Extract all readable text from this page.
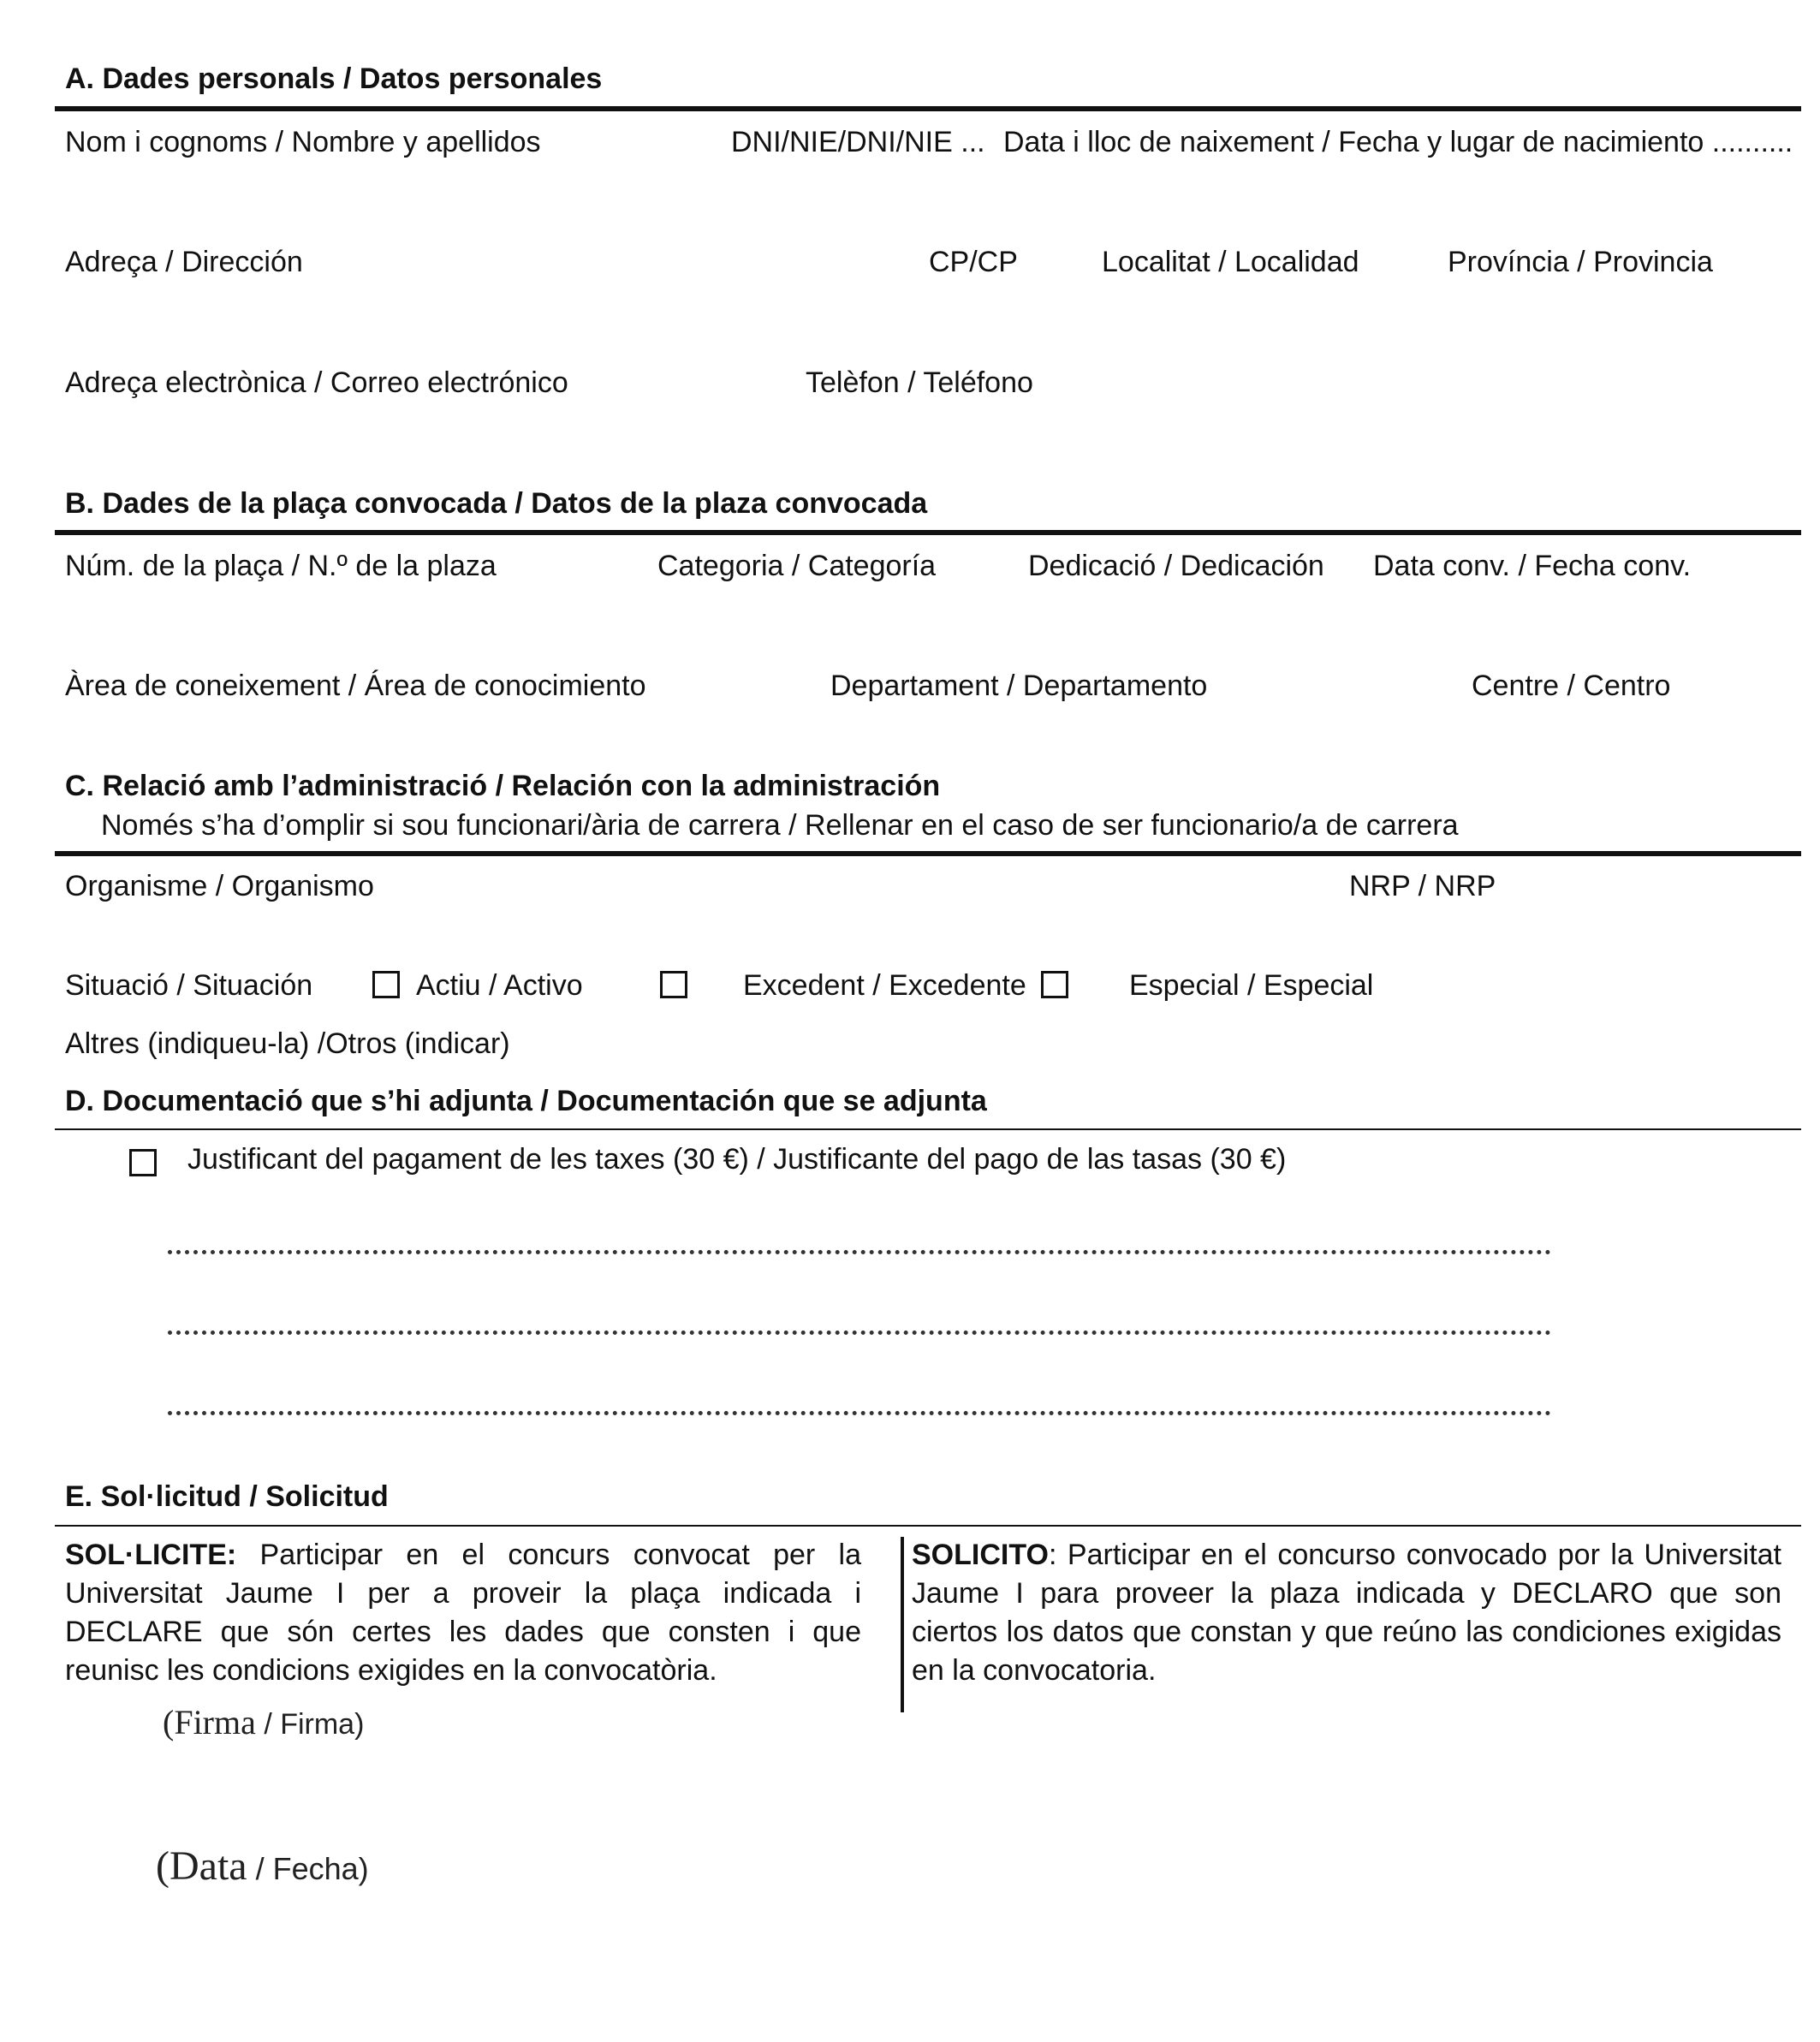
A. Dades personals / Datos personales
Nom i cognoms / Nombre y apellidos	DNI/NIE/DNI/NIE ... Data i lloc de naixement / Fecha y lugar de nacimiento ..........
Adreça / Dirección	CP/CP	Localitat / Localidad	Província / Provincia
Adreça electrònica / Correo electrónico	Telèfon / Teléfono
B. Dades de la plaça convocada / Datos de la plaza convocada
Núm. de la plaça / N.º de la plaza	Categoria / Categoría	Dedicació / Dedicación Data conv. / Fecha conv.
Àrea de coneixement / Área de conocimiento	Departament / Departamento	Centre / Centro
C. Relació amb l’administració / Relación con la administración
Només s’ha d’omplir si sou funcionari/ària de carrera / Rellenar en el caso de ser funcionario/a de carrera
Organisme / Organismo	NRP / NRP
Situació / Situación	Actiu / Activo	Excedent / Excedente	Especial / Especial
Altres (indiqueu-la) /Otros (indicar)
D. Documentació que s’hi adjunta / Documentación que se adjunta
Justificant del pagament de les taxes (30 €) / Justificante del pago de las tasas (30 €)
E. Sol·licitud / Solicitud
SOL·LICITE: Participar en el concurs convocat per la Universitat Jaume I per a proveir la plaça indicada i DECLARE que són certes les dades que consten i que reunisc les condicions exigides en la convocatòria.
SOLICITO: Participar en el concurso convocado por la Universitat Jaume I para proveer la plaza indicada y DECLARO que son ciertos los datos que constan y que reúno las condiciones exigidas en la convocatoria.
(Firma / Firma)
(Data / Fecha)
